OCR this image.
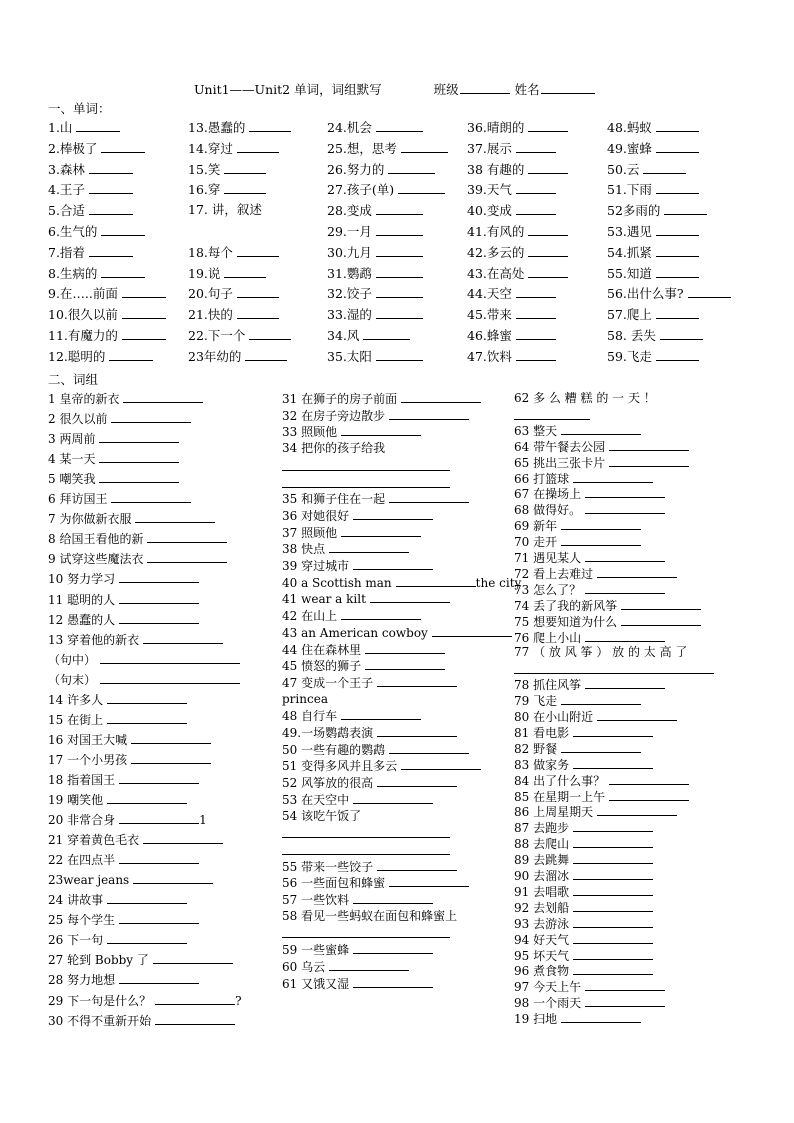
Unit1——Unit2 单词，词组默写	班级	姓名
一、单词：
1.山
2.棒极了
3.森林
4.王子
5.合适
6.生气的
7.指着
8.生病的
9.在…..前面
10.很久以前
11.有魔力的
12.聪明的
13.愚蠢的
14.穿过
15.笑
16.穿
17. 讲，叙述
18.每个
19.说
20.句子
21.快的
22.下一个
23年幼的
24.机会
25.想，思考
26.努力的
27.孩子(单)
28.变成
29.一月
30.九月
31.鹦鹉
32.饺子
33.湿的
34.风
35.太阳
36.晴朗的
37.展示
38 有趣的
39.天气
40.变成
41.有风的
42.多云的
43.在高处
44.天空
45.带来
46.蜂蜜
47.饮料
48.蚂蚁
49.蜜蜂
50.云
51.下雨
52多雨的
53.遇见
54.抓紧
55.知道
56.出什么事?
57.爬上
58. 丢失
59.飞走
二、词组
1 皇帝的新衣
2 很久以前
3 两周前
4 某一天
5 嘲笑我
6 拜访国王
7 为你做新衣服
8 给国王看他的新
9 试穿这些魔法衣
10 努力学习
11 聪明的人
12 愚蠢的人
13 穿着他的新衣
（句中）
（句末）
14 许多人
15 在街上
16 对国王大喊
17 一个小男孩
18 指着国王
19 嘲笑他
20 非常合身	1
21 穿着黄色毛衣
22 在四点半
23wear jeans
24 讲故事
25 每个学生
26 下一句
27 轮到 Bobby 了
28 努力地想
29 下一句是什么？	?
30 不得不重新开始
31 在狮子的房子前面
32 在房子旁边散步
33 照顾他
34 把你的孩子给我
35 和狮子住在一起
36 对她很好
37 照顾他
38 快点
39 穿过城市
40 a Scottish man	the city
41 wear a kilt
42 在山上
43 an American cowboy
44 住在森林里
45 愤怒的狮子
47 变成一个王子
princea
48 自行车
49.一场鹦鹉表演
50 一些有趣的鹦鹉
51 变得多风并且多云
52 风筝放的很高
53 在天空中
54 该吃午饭了
55 带来一些饺子
56 一些面包和蜂蜜
57 一些饮料
58 看见一些蚂蚁在面包和蜂蜜上
59 一些蜜蜂
60 乌云
61 又饿又湿
62 多 么 糟 糕 的 一 天 ！
63 整天
64 带午餐去公园
65 挑出三张卡片
66 打篮球
67 在操场上
68 做得好。
69 新年
70 走开
71 遇见某人
72 看上去难过
73 怎么了？
74 丢了我的新风筝
75 想要知道为什么
76 爬上小山
77 （ 放 风 筝 ） 放 的 太 高 了
78 抓住风筝
79 飞走
80 在小山附近
81 看电影
82 野餐
83 做家务
84 出了什么事？
85 在星期一上午
86 上周星期天
87 去跑步
88 去爬山
89 去跳舞
90 去溜冰
91 去唱歌
92 去划船
93 去游泳
94 好天气
95 坏天气
96 煮食物
97 今天上午
98 一个雨天
19 扫地
